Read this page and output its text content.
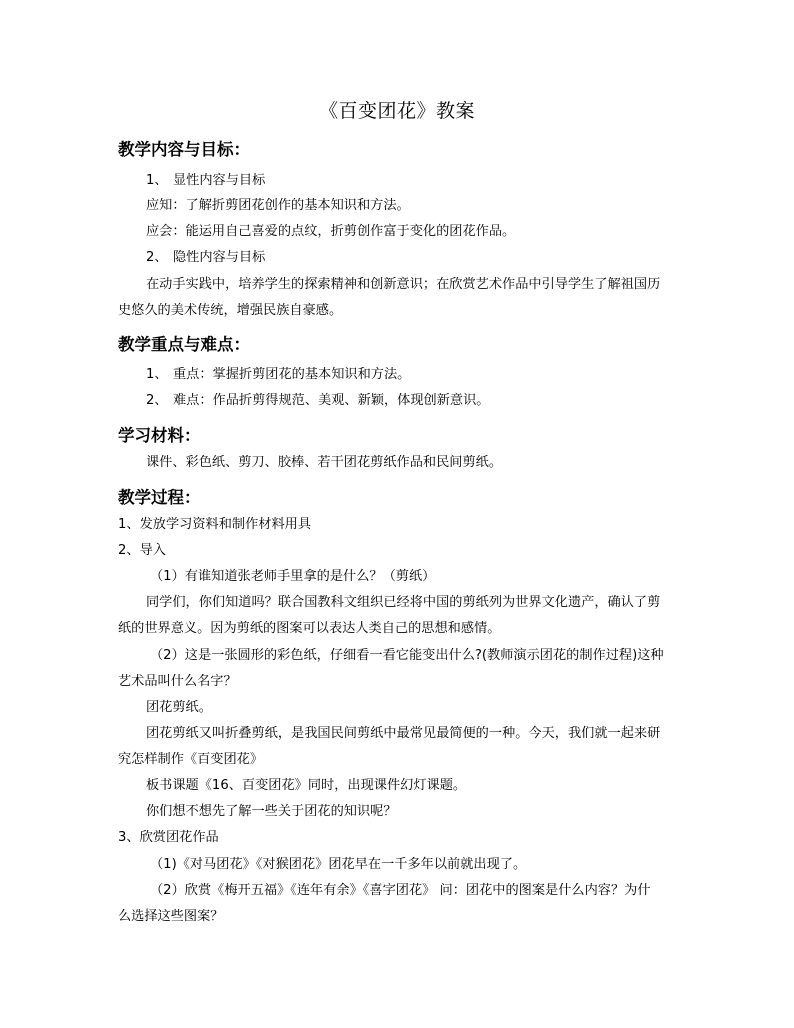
《百变团花》教案
教学内容与目标：
1、 显性内容与目标
应知：了解折剪团花创作的基本知识和方法。
应会：能运用自己喜爱的点纹，折剪创作富于变化的团花作品。
2、 隐性内容与目标
在动手实践中，培养学生的探索精神和创新意识；在欣赏艺术作品中引导学生了解祖国历
史悠久的美术传统，增强民族自豪感。
教学重点与难点：
1、 重点：掌握折剪团花的基本知识和方法。
2、 难点：作品折剪得规范、美观、新颖，体现创新意识。
学习材料：
课件、彩色纸、剪刀、胶棒、若干团花剪纸作品和民间剪纸。
教学过程：
1、发放学习资料和制作材料用具
2、导入
（1）有谁知道张老师手里拿的是什么？（剪纸）
同学们，你们知道吗？联合国教科文组织已经将中国的剪纸列为世界文化遗产，确认了剪
纸的世界意义。因为剪纸的图案可以表达人类自己的思想和感情。
（2）这是一张圆形的彩色纸，仔细看一看它能变出什么?(教师演示团花的制作过程)这种
艺术品叫什么名字？
团花剪纸。
团花剪纸又叫折叠剪纸，是我国民间剪纸中最常见最简便的一种。今天，我们就一起来研
究怎样制作《百变团花》
板书课题《16、百变团花》同时，出现课件幻灯课题。
你们想不想先了解一些关于团花的知识呢？
3、欣赏团花作品
（1)《对马团花》《对猴团花》团花早在一千多年以前就出现了。
（2）欣赏《梅开五福》《连年有余》《喜字团花》 问：团花中的图案是什么内容？为什
么选择这些图案？
